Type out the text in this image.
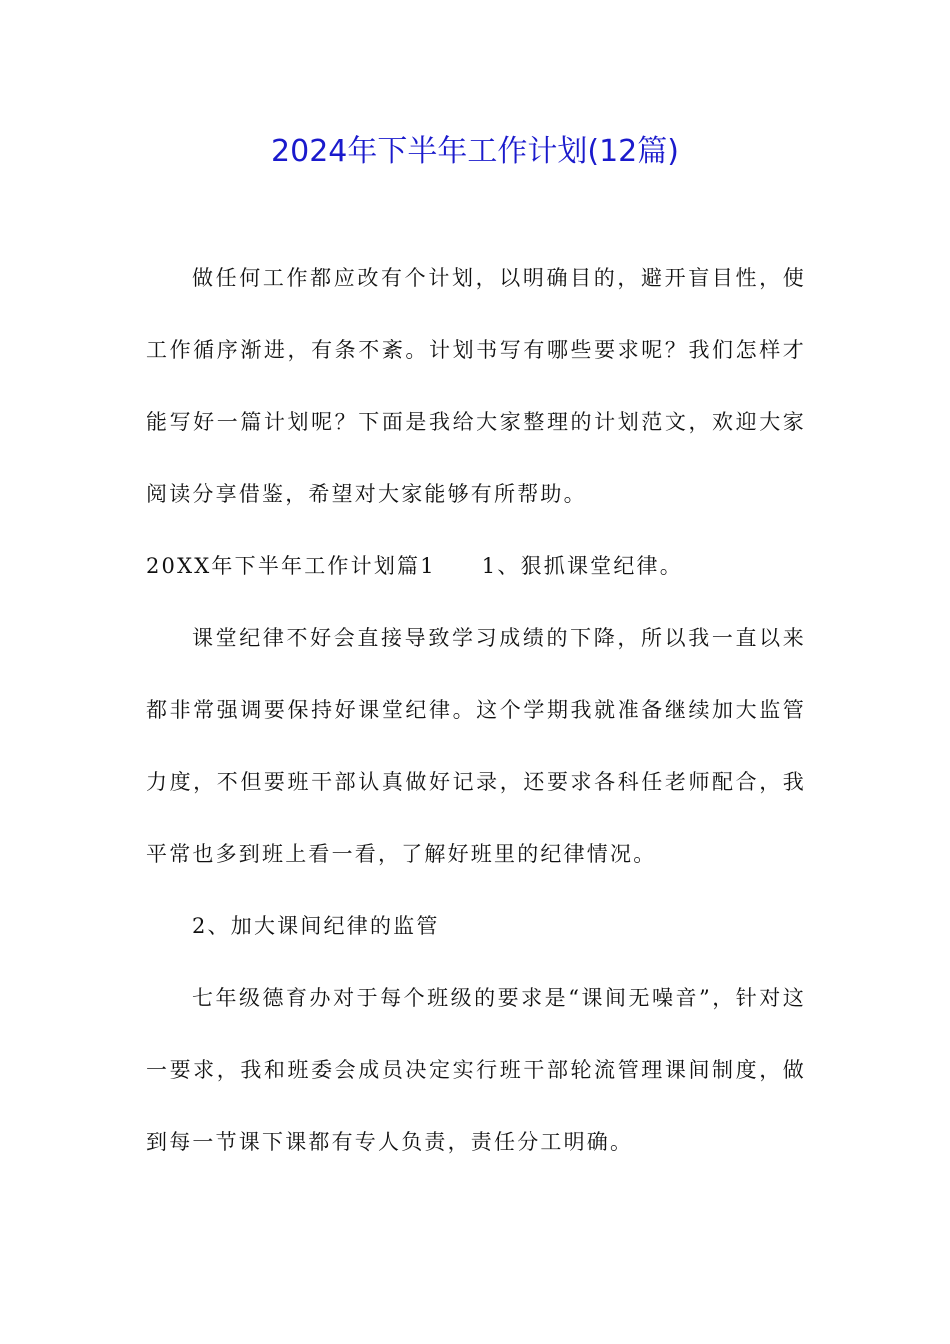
2024年下半年工作计划(12篇)

做任何工作都应改有个计划，以明确目的，避开盲目性，使工作循序渐进，有条不紊。计划书写有哪些要求呢？我们怎样才能写好一篇计划呢？下面是我给大家整理的计划范文，欢迎大家阅读分享借鉴，希望对大家能够有所帮助。

20XX年下半年工作计划篇1 1、狠抓课堂纪律。

课堂纪律不好会直接导致学习成绩的下降，所以我一直以来都非常强调要保持好课堂纪律。这个学期我就准备继续加大监管力度，不但要班干部认真做好记录，还要求各科任老师配合，我平常也多到班上看一看，了解好班里的纪律情况。

2、加大课间纪律的监管

七年级德育办对于每个班级的要求是“课间无噪音”，针对这一要求，我和班委会成员决定实行班干部轮流管理课间制度，做到每一节课下课都有专人负责，责任分工明确。
